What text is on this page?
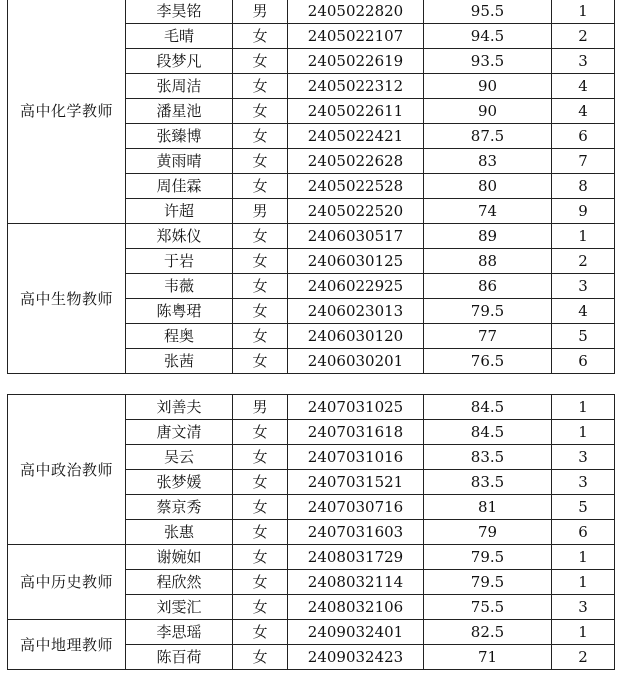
高中化学教师	李昊铭	男	2405022820	95.5	1
	毛晴	女	2405022107	94.5	2
	段梦凡	女	2405022619	93.5	3
	张周洁	女	2405022312	90	4
	潘星池	女	2405022611	90	4
	张臻博	女	2405022421	87.5	6
	黄雨晴	女	2405022628	83	7
	周佳霖	女	2405022528	80	8
	许超	男	2405022520	74	9
高中生物教师	郑姝仪	女	2406030517	89	1
	于岩	女	2406030125	88	2
	韦薇	女	2406022925	86	3
	陈粤珺	女	2406023013	79.5	4
	程奥	女	2406030120	77	5
	张茜	女	2406030201	76.5	6
高中政治教师	刘善夫	男	2407031025	84.5	1
	唐文清	女	2407031618	84.5	1
	吴云	女	2407031016	83.5	3
	张梦媛	女	2407031521	83.5	3
	蔡京秀	女	2407030716	81	5
	张惠	女	2407031603	79	6
高中历史教师	谢婉如	女	2408031729	79.5	1
	程欣然	女	2408032114	79.5	1
	刘雯汇	女	2408032106	75.5	3
高中地理教师	李思瑶	女	2409032401	82.5	1
	陈百荷	女	2409032423	71	2
